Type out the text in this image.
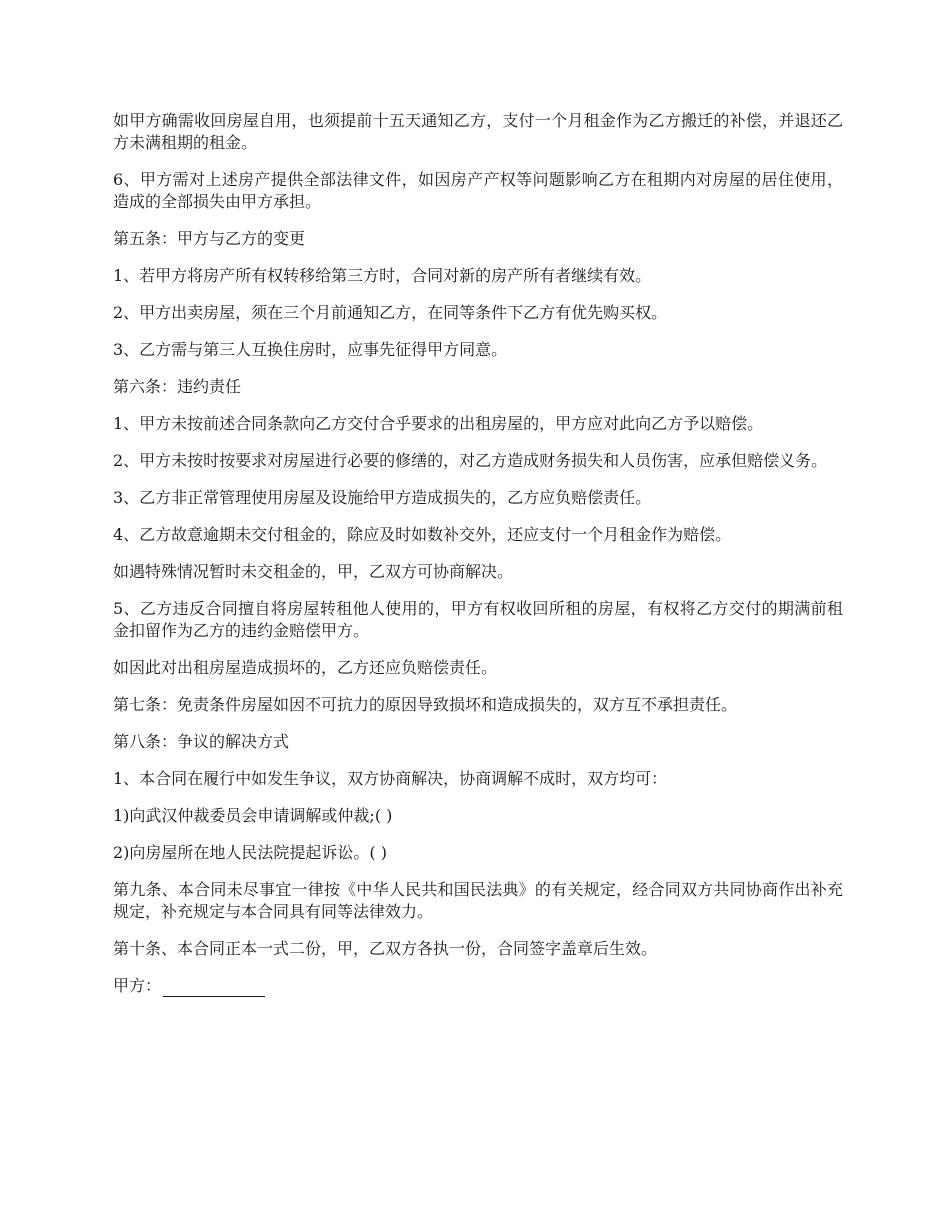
如甲方确需收回房屋自用，也须提前十五天通知乙方，支付一个月租金作为乙方搬迁的补偿，并退还乙方未满租期的租金。

6、甲方需对上述房产提供全部法律文件，如因房产产权等问题影响乙方在租期内对房屋的居住使用，造成的全部损失由甲方承担。

第五条：甲方与乙方的变更

1、若甲方将房产所有权转移给第三方时，合同对新的房产所有者继续有效。

2、甲方出卖房屋，须在三个月前通知乙方，在同等条件下乙方有优先购买权。

3、乙方需与第三人互换住房时，应事先征得甲方同意。

第六条：违约责任

1、甲方未按前述合同条款向乙方交付合乎要求的出租房屋的，甲方应对此向乙方予以赔偿。

2、甲方未按时按要求对房屋进行必要的修缮的，对乙方造成财务损失和人员伤害，应承但赔偿义务。

3、乙方非正常管理使用房屋及设施给甲方造成损失的，乙方应负赔偿责任。

4、乙方故意逾期未交付租金的，除应及时如数补交外，还应支付一个月租金作为赔偿。

如遇特殊情况暂时未交租金的，甲，乙双方可协商解决。

5、乙方违反合同擅自将房屋转租他人使用的，甲方有权收回所租的房屋，有权将乙方交付的期满前租金扣留作为乙方的违约金赔偿甲方。

如因此对出租房屋造成损坏的，乙方还应负赔偿责任。

第七条：免责条件房屋如因不可抗力的原因导致损坏和造成损失的，双方互不承担责任。

第八条：争议的解决方式

1、本合同在履行中如发生争议，双方协商解决，协商调解不成时，双方均可：

1)向武汉仲裁委员会申请调解或仲裁;( )

2)向房屋所在地人民法院提起诉讼。( )

第九条、本合同未尽事宜一律按《中华人民共和国民法典》的有关规定，经合同双方共同协商作出补充规定，补充规定与本合同具有同等法律效力。

第十条、本合同正本一式二份，甲，乙双方各执一份，合同签字盖章后生效。

甲方：
